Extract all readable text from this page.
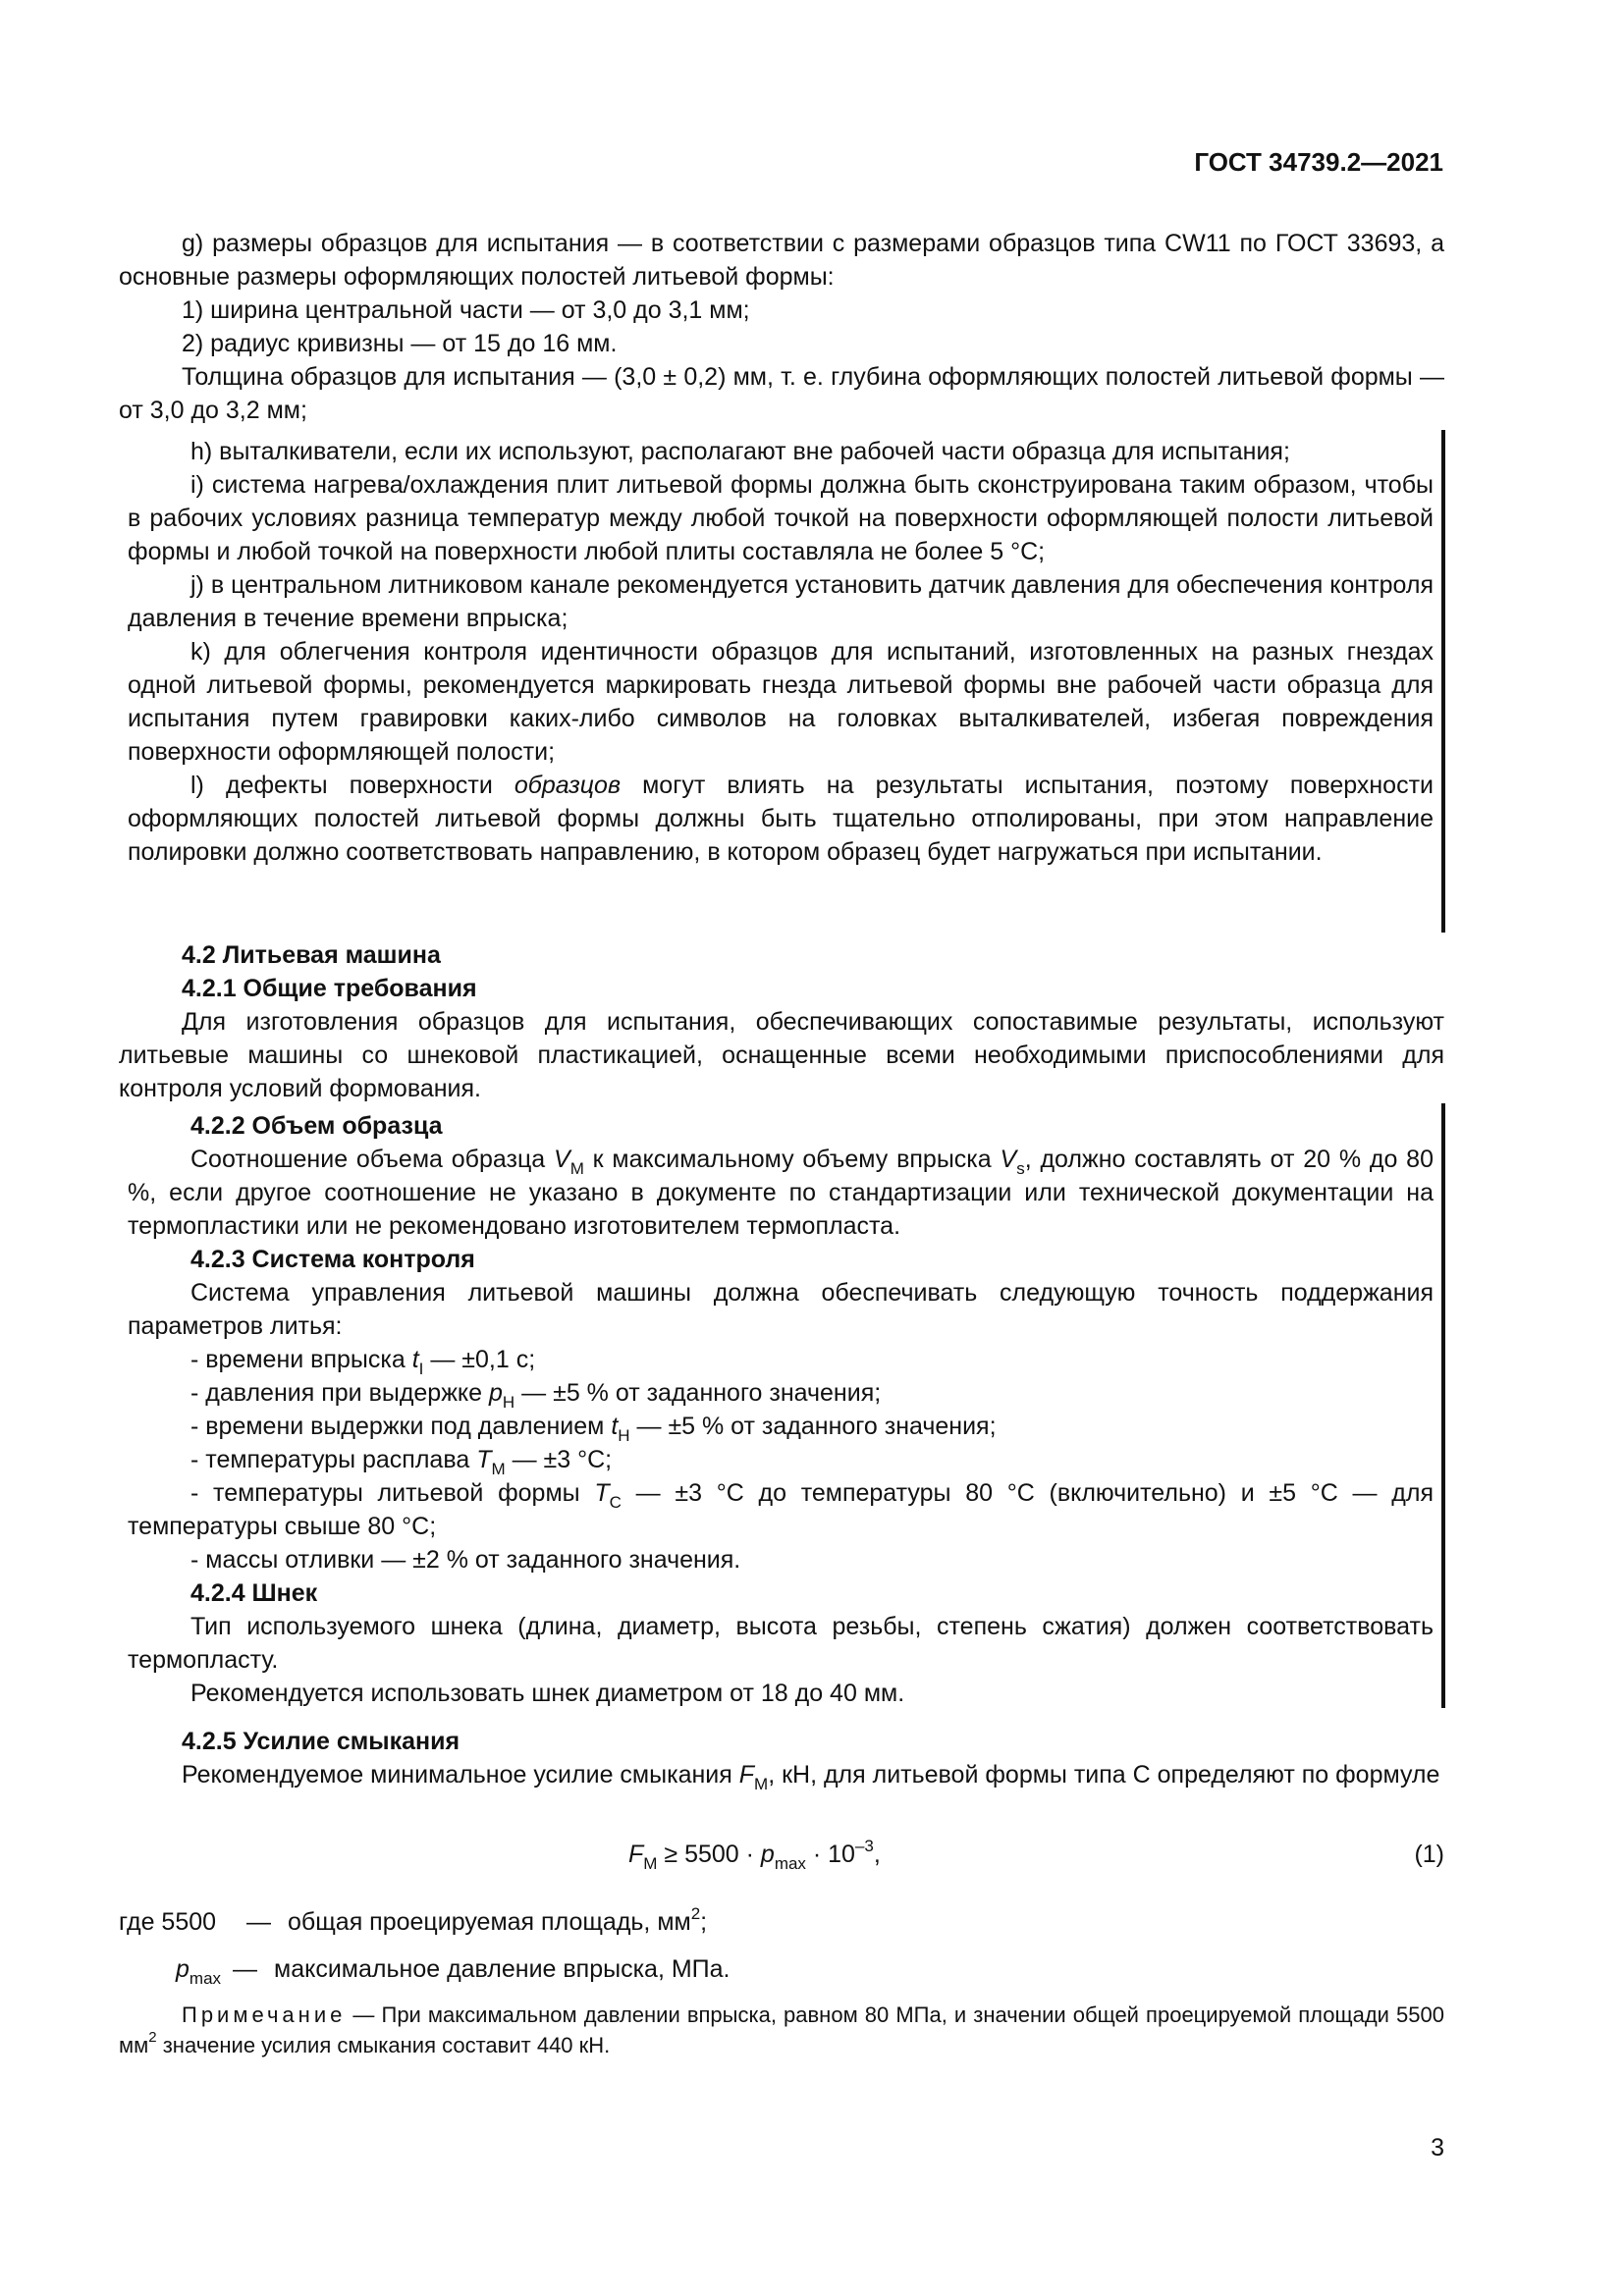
ГОСТ 34739.2—2021

g) размеры образцов для испытания — в соответствии с размерами образцов типа CW11 по ГОСТ 33693, а основные размеры оформляющих полостей литьевой формы:

1) ширина центральной части — от 3,0 до 3,1 мм;

2) радиус кривизны — от 15 до 16 мм.

Толщина образцов для испытания — (3,0 ± 0,2) мм, т. е. глубина оформляющих полостей литьевой формы — от 3,0 до 3,2 мм;

h) выталкиватели, если их используют, располагают вне рабочей части образца для испытания;

i) система нагрева/охлаждения плит литьевой формы должна быть сконструирована таким образом, чтобы в рабочих условиях разница температур между любой точкой на поверхности оформляющей полости литьевой формы и любой точкой на поверхности любой плиты составляла не более 5 °С;

j) в центральном литниковом канале рекомендуется установить датчик давления для обеспечения контроля давления в течение времени впрыска;

k) для облегчения контроля идентичности образцов для испытаний, изготовленных на разных гнездах одной литьевой формы, рекомендуется маркировать гнезда литьевой формы вне рабочей части образца для испытания путем гравировки каких-либо символов на головках выталкивателей, избегая повреждения поверхности оформляющей полости;

l) дефекты поверхности образцов могут влиять на результаты испытания, поэтому поверхности оформляющих полостей литьевой формы должны быть тщательно отполированы, при этом направление полировки должно соответствовать направлению, в котором образец будет нагружаться при испытании.

4.2 Литьевая машина

4.2.1 Общие требования

Для изготовления образцов для испытания, обеспечивающих сопоставимые результаты, используют литьевые машины со шнековой пластикацией, оснащенные всеми необходимыми приспособлениями для контроля условий формования.

4.2.2 Объем образца

Соотношение объема образца $V_M$ к максимальному объему впрыска $V_s$, должно составлять от 20 % до 80 %, если другое соотношение не указано в документе по стандартизации или технической документации на термопластики или не рекомендовано изготовителем термопласта.

4.2.3 Система контроля

Система управления литьевой машины должна обеспечивать следующую точность поддержания параметров литья:

- времени впрыска $t_I$ — ±0,1 с;

- давления при выдержке $p_H$ — ±5 % от заданного значения;

- времени выдержки под давлением $t_H$ — ±5 % от заданного значения;

- температуры расплава $T_M$ — ±3 °С;

- температуры литьевой формы $T_C$ — ±3 °С до температуры 80 °С (включительно) и ±5 °С — для температуры свыше 80 °С;

- массы отливки — ±2 % от заданного значения.

4.2.4 Шнек

Тип используемого шнека (длина, диаметр, высота резьбы, степень сжатия) должен соответствовать термопласту.

Рекомендуется использовать шнек диаметром от 18 до 40 мм.

4.2.5 Усилие смыкания

Рекомендуемое минимальное усилие смыкания $F_M$, кН, для литьевой формы типа С определяют по формуле

$F_M \ge 5500 \cdot p_{max} \cdot 10^{-3}$,	(1)
где 5500 — общая проецируемая площадь, $мм^2$;
$p_{max}$ — максимальное давление впрыска, МПа.
Примечание — При максимальном давлении впрыска, равном 80 МПа, и значении общей проецируемой площади 5500 $мм^2$ значение усилия смыкания составит 440 кН.
3
